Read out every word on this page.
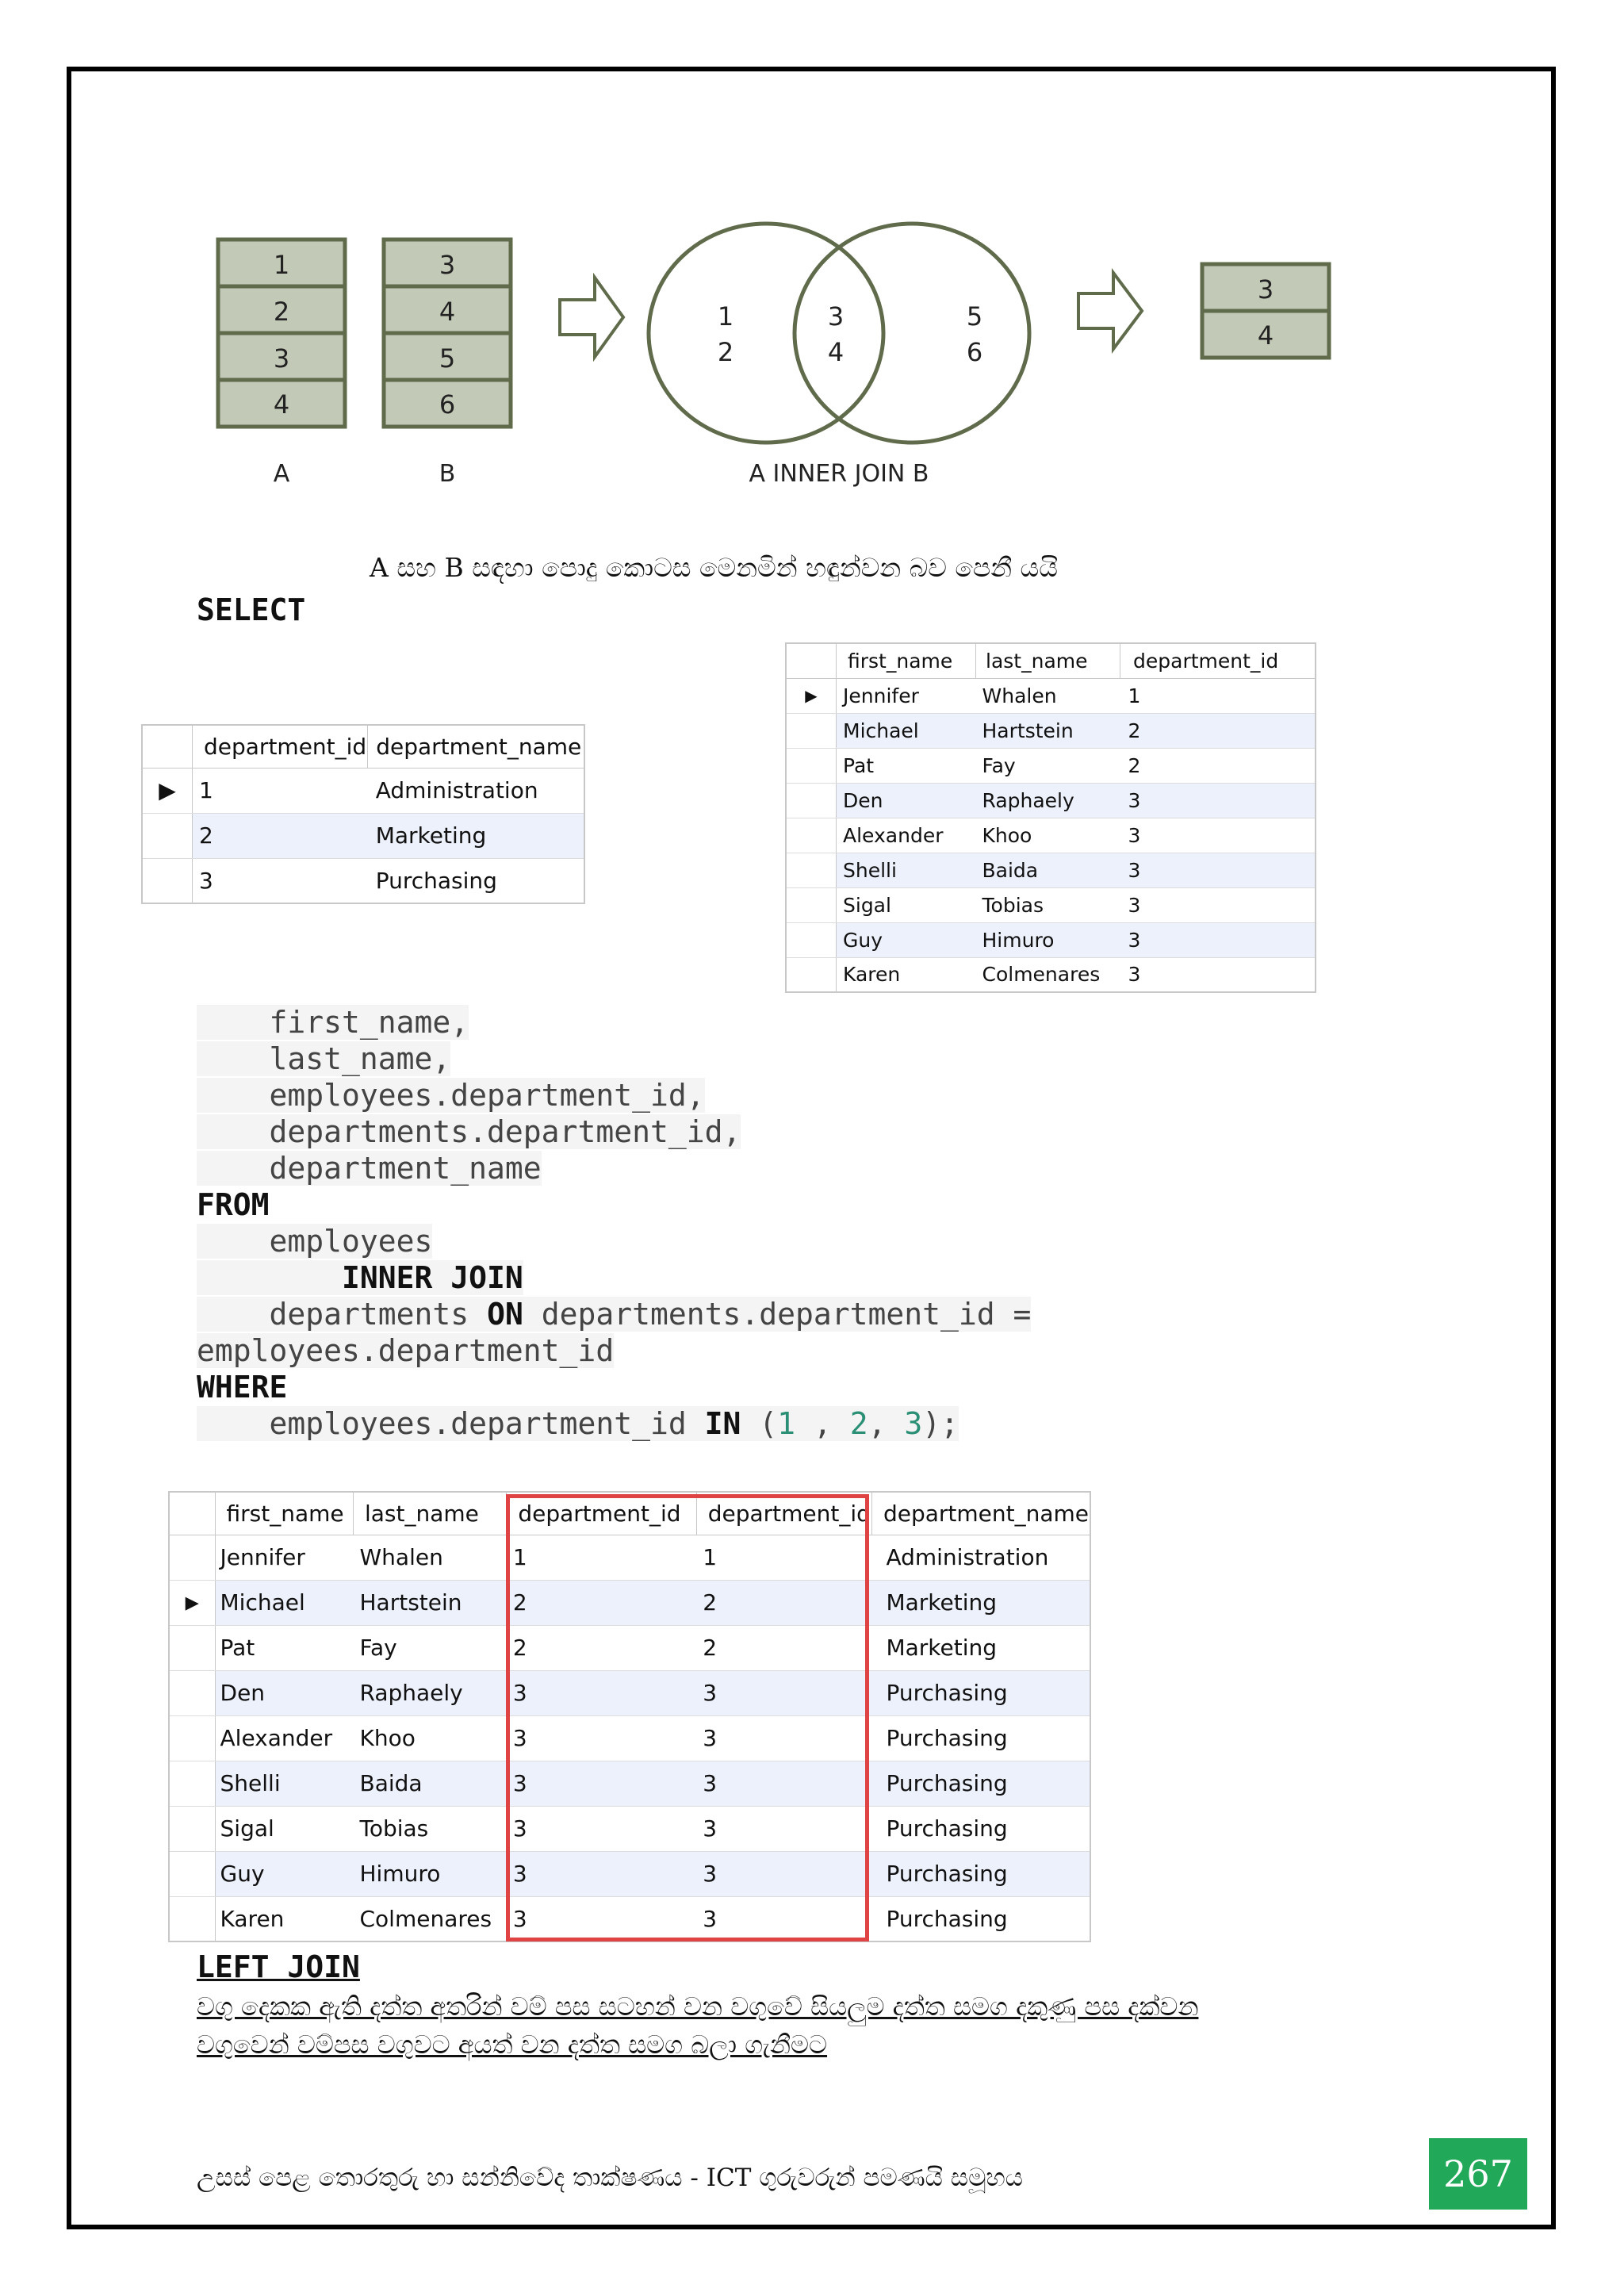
1
2
3
4
3
4
5
6
A	B
1
2
3
4
5
6
A INNER JOIN B
3
4
A සහ B සඳහා පොදු කොටස මෙනමින් හඳුන්වන බව පෙනී යයි
SELECT
first_name,
last_name,
employees.department_id,
departments.department_id,
department_name
FROM
employees
INNER JOIN
departments ON departments.department_id =
employees.department_id
WHERE
employees.department_id IN (1 , 2, 3);
	department_id	department_name
▶	1	Administration
	2	Marketing
	3	Purchasing
	first_name	last_name	department_id
▶	Jennifer	Whalen	1
	Michael	Hartstein	2
	Pat	Fay	2
	Den	Raphaely	3
	Alexander	Khoo	3
	Shelli	Baida	3
	Sigal	Tobias	3
	Guy	Himuro	3
	Karen	Colmenares	3
	first_name	last_name	department_id	department_id	department_name
	Jennifer	Whalen	1	1	Administration
▶	Michael	Hartstein	2	2	Marketing
	Pat	Fay	2	2	Marketing
	Den	Raphaely	3	3	Purchasing
	Alexander	Khoo	3	3	Purchasing
	Shelli	Baida	3	3	Purchasing
	Sigal	Tobias	3	3	Purchasing
	Guy	Himuro	3	3	Purchasing
	Karen	Colmenares	3	3	Purchasing
LEFT JOIN
වගු දෙකක ඇති දත්ත අතරින් වම් පස සටහන් වන වගුවේ සියලුම දත්ත සමග දකුණු පස දක්වන
වගුවෙන් වම්පස වගුවට අයත් වන දත්ත සමග බලා ගැනීමට
උසස් පෙළ තොරතුරු හා සන්නිවේද තාක්ෂණය - ICT ගුරුවරුන් පමණයි සමූහය	267
